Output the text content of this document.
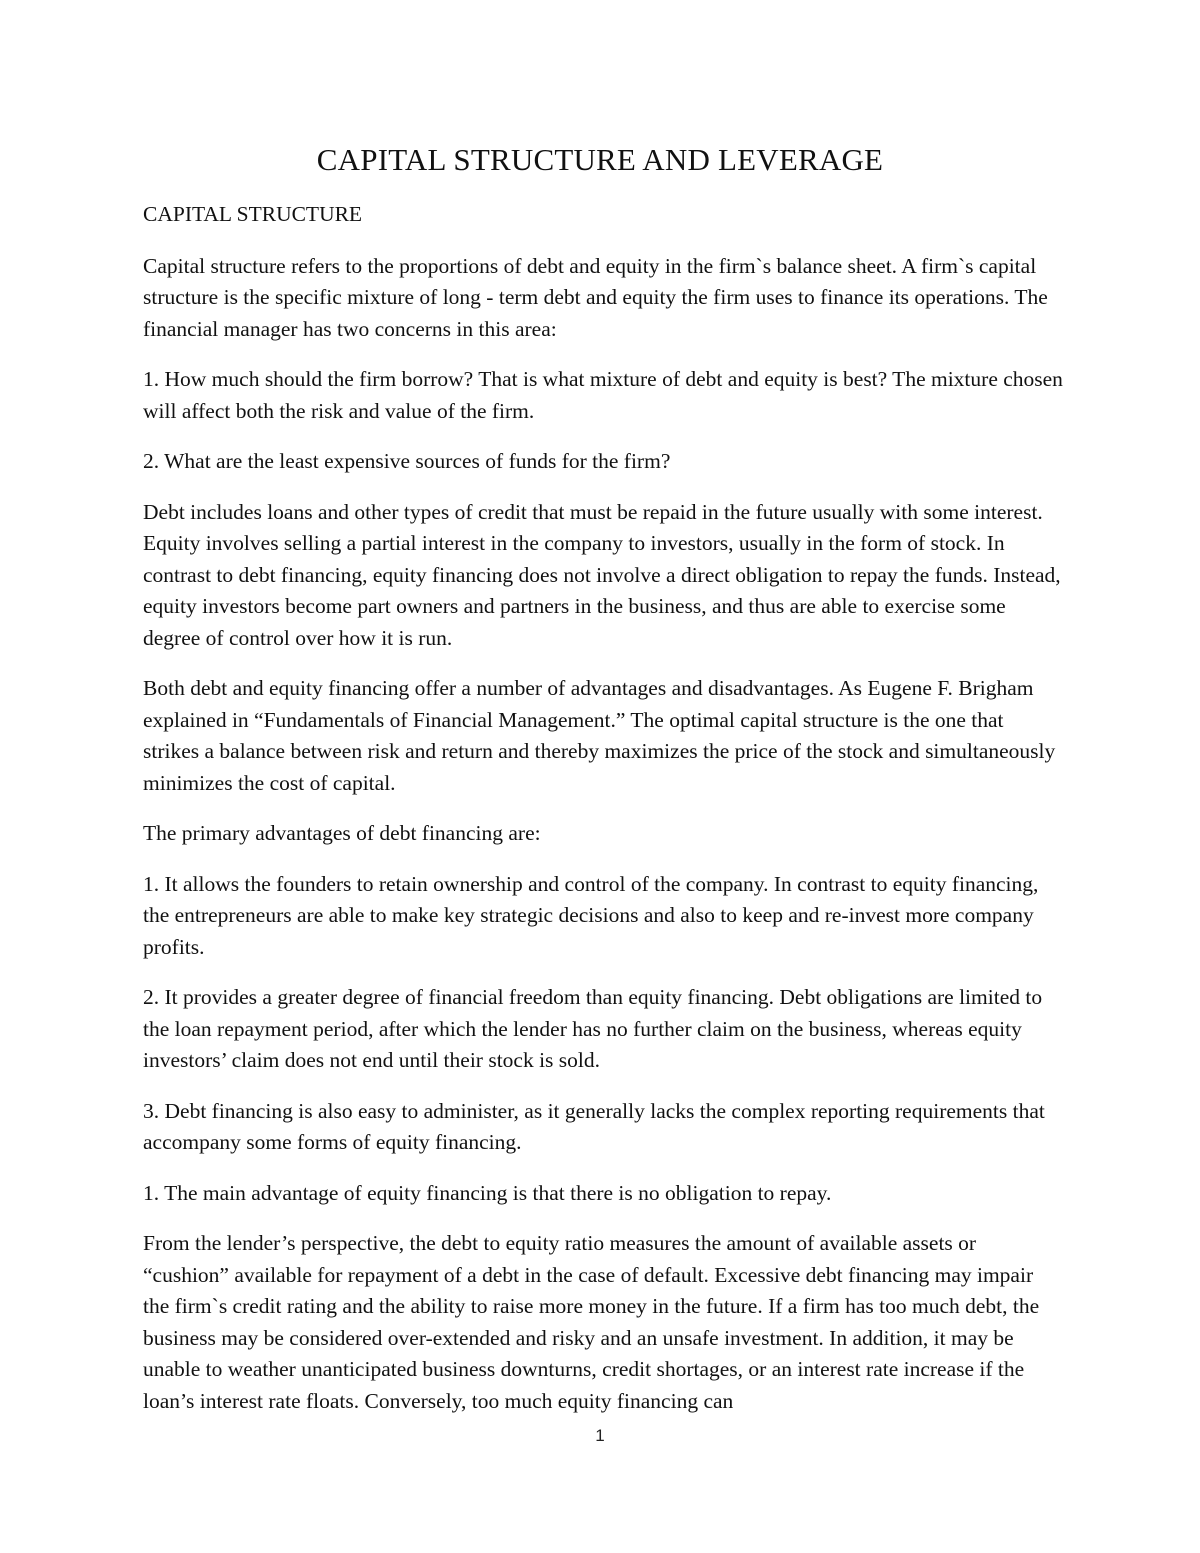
CAPITAL STRUCTURE AND LEVERAGE

CAPITAL STRUCTURE

Capital structure refers to the proportions of debt and equity in the firm`s balance sheet. A firm`s capital structure is the specific mixture of long - term debt and equity the firm uses to finance its operations. The financial manager has two concerns in this area:

1. How much should the firm borrow? That is what mixture of debt and equity is best? The mixture chosen will affect both the risk and value of the firm.

2. What are the least expensive sources of funds for the firm?

Debt includes loans and other types of credit that must be repaid in the future usually with some interest. Equity involves selling a partial interest in the company to investors, usually in the form of stock. In contrast to debt financing, equity financing does not involve a direct obligation to repay the funds. Instead, equity investors become part owners and partners in the business, and thus are able to exercise some degree of control over how it is run.

Both debt and equity financing offer a number of advantages and disadvantages. As Eugene F. Brigham explained in “Fundamentals of Financial Management.” The optimal capital structure is the one that strikes a balance between risk and return and thereby maximizes the price of the stock and simultaneously minimizes the cost of capital.

The primary advantages of debt financing are:

1. It allows the founders to retain ownership and control of the company. In contrast to equity financing, the entrepreneurs are able to make key strategic decisions and also to keep and re-invest more company profits.

2. It provides a greater degree of financial freedom than equity financing. Debt obligations are limited to the loan repayment period, after which the lender has no further claim on the business, whereas equity investors’ claim does not end until their stock is sold.

3. Debt financing is also easy to administer, as it generally lacks the complex reporting requirements that accompany some forms of equity financing.

1. The main advantage of equity financing is that there is no obligation to repay.

From the lender’s perspective, the debt to equity ratio measures the amount of available assets or “cushion” available for repayment of a debt in the case of default. Excessive debt financing may impair the firm`s credit rating and the ability to raise more money in the future. If a firm has too much debt, the business may be considered over-extended and risky and an unsafe investment. In addition, it may be unable to weather unanticipated business downturns, credit shortages, or an interest rate increase if the loan’s interest rate floats. Conversely, too much equity financing can

1
